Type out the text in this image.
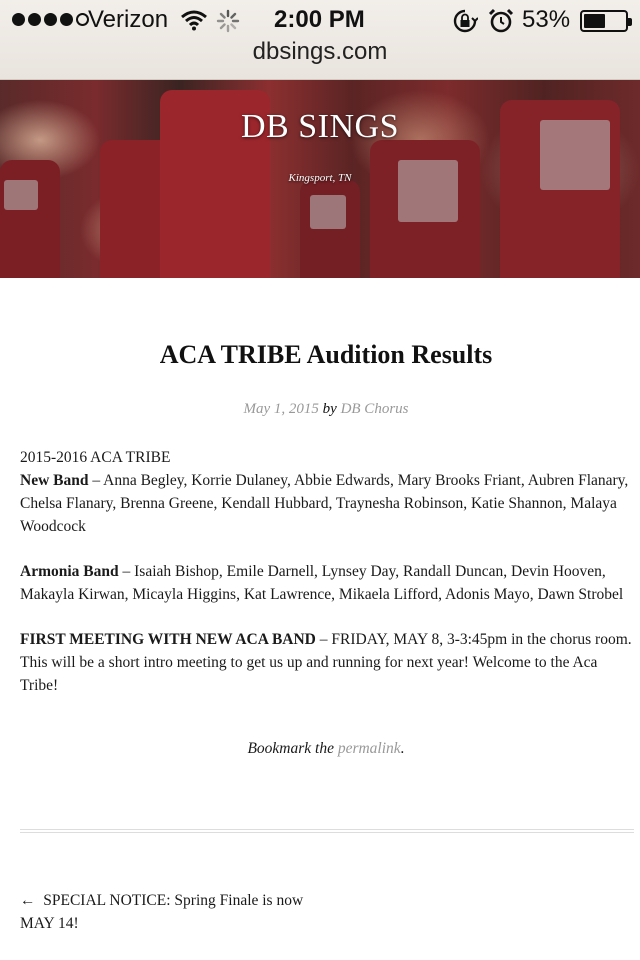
Verizon	2:00 PM	53%
dbsings.com
DB SINGS
Kingsport, TN
ACA TRIBE Audition Results
May 1, 2015 by DB Chorus

2015-2016 ACA TRIBE
New Band – Anna Begley, Korrie Dulaney, Abbie Edwards, Mary Brooks Friant, Aubren Flanary, Chelsa Flanary, Brenna Greene, Kendall Hubbard, Traynesha Robinson, Katie Shannon, Malaya Woodcock

Armonia Band – Isaiah Bishop, Emile Darnell, Lynsey Day, Randall Duncan, Devin Hooven, Makayla Kirwan, Micayla Higgins, Kat Lawrence, Mikaela Lifford, Adonis Mayo, Dawn Strobel

FIRST MEETING WITH NEW ACA BAND – FRIDAY, MAY 8, 3-3:45pm in the chorus room. This will be a short intro meeting to get us up and running for next year! Welcome to the Aca Tribe!

Bookmark the permalink.
← SPECIAL NOTICE: Spring Finale is now MAY 14!
